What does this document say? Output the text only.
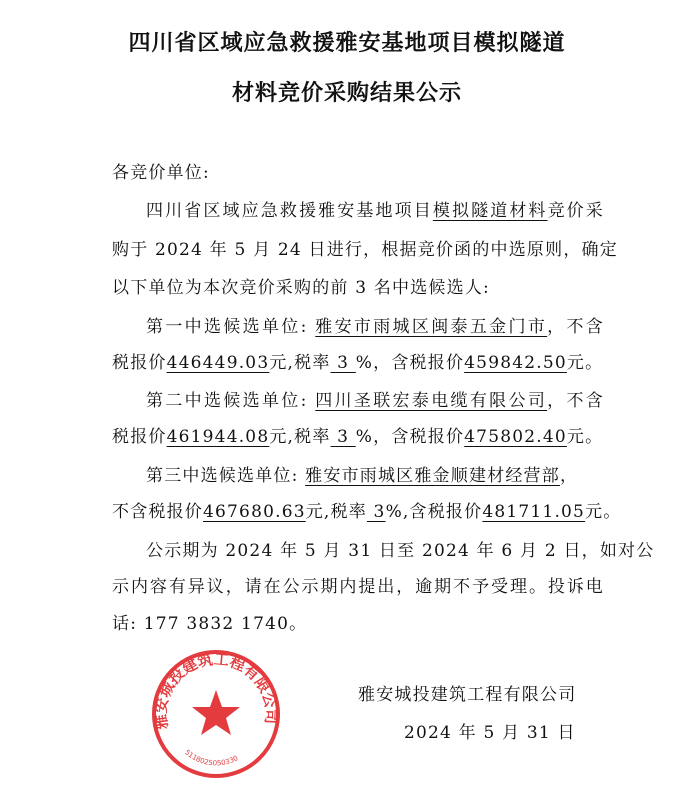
四川省区域应急救援雅安基地项目模拟隧道
材料竞价采购结果公示
各竞价单位:
四川省区域应急救援雅安基地项目模拟隧道材料竞价采
购于 2024 年 5 月 24 日进行，根据竞价函的中选原则，确定
以下单位为本次竞价采购的前 3 名中选候选人:
第一中选候选单位: 雅安市雨城区闽泰五金门市，不含
税报价446449.03元,税率 3 %，含税报价459842.50元。
第二中选候选单位: 四川圣联宏泰电缆有限公司，不含
税报价461944.08元,税率 3 %，含税报价475802.40元。
第三中选候选单位: 雅安市雨城区雅金顺建材经营部，
不含税报价467680.63元,税率 3%,含税报价481711.05元。
公示期为 2024 年 5 月 31 日至 2024 年 6 月 2 日，如对公
示内容有异议，请在公示期内提出，逾期不予受理。投诉电
话: 177 3832 1740。
雅安城投建筑工程有限公司
2024 年 5 月 31 日
雅安城投建筑工程有限公司
5118025050330
